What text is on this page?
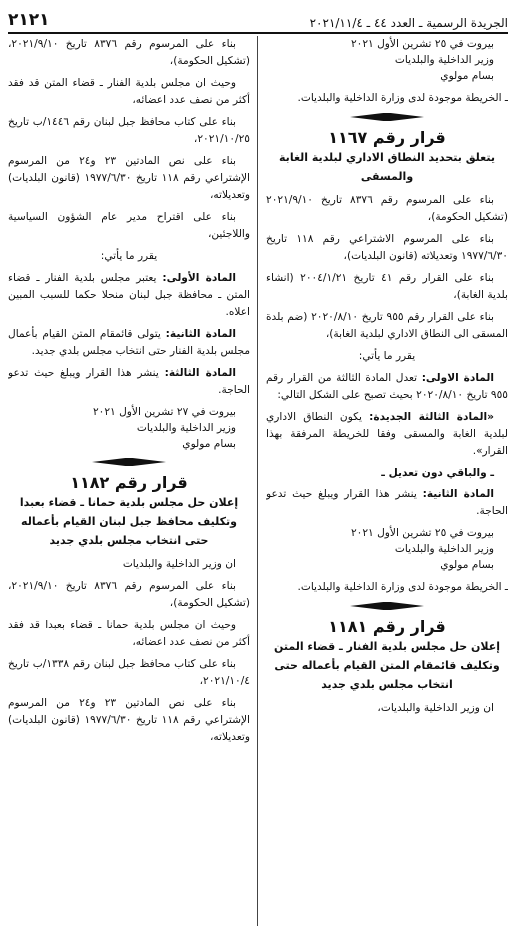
الجريدة الرسمية ـ العدد ٤٤ ـ ٢٠٢١/١١/٤
٢١٢١

بيروت في ٢٥ تشرين الأول ٢٠٢١

وزير الداخلية والبلديات

بسام مولوي

ـ الخريطة موجودة لدى وزارة الداخلية والبلديات.

قرار رقم ١١٦٧
يتعلق بتحديد النطاق الاداري لبلدية الغابة والمسقى

بناء على المرسوم رقم ٨٣٧٦ تاريخ ٢٠٢١/٩/١٠ (تشكيل الحكومة)،

بناء على المرسوم الاشتراعي رقم ١١٨ تاريخ ١٩٧٧/٦/٣٠ وتعديلاته (قانون البلديات)،

بناء على القرار رقم ٤١ تاريخ ٢٠٠٤/١/٢١ (انشاء بلدية الغابة)،

بناء على القرار رقم ٩٥٥ تاريخ ٢٠٢٠/٨/١٠ (ضم بلدة المسقى الى النطاق الاداري لبلدية الغابة)،

يقرر ما يأتي:

المادة الاولى: تعدل المادة الثالثة من القرار رقم ٩٥٥ تاريخ ٢٠٢٠/٨/١٠ بحيث تصبح على الشكل التالي:

«المادة الثالثة الجديدة: يكون النطاق الاداري لبلدية الغابة والمسقى وفقا للخريطة المرفقة بهذا القرار».

ـ والباقي دون تعديل ـ

المادة الثانية: ينشر هذا القرار ويبلغ حيث تدعو الحاجة.

بيروت في ٢٥ تشرين الأول ٢٠٢١

وزير الداخلية والبلديات

بسام مولوي

ـ الخريطة موجودة لدى وزارة الداخلية والبلديات.

قرار رقم ١١٨١
إعلان حل مجلس بلدية الفنار ـ قضاء المتن
وتكليف قائمقام المتن القيام بأعماله حتى انتخاب مجلس بلدي جديد

ان وزير الداخلية والبلديات،

بناء على المرسوم رقم ٨٣٧٦ تاريخ ٢٠٢١/٩/١٠، (تشكيل الحكومة)،

وحيث ان مجلس بلدية الفنار ـ قضاء المتن قد فقد أكثر من نصف عدد اعضائه،

بناء على كتاب محافظ جبل لبنان رقم ١٤٤٦/ب تاريخ ٢٠٢١/١٠/٢٥،

بناء على نص المادتين ٢٣ و٢٤ من المرسوم الإشتراعي رقم ١١٨ تاريخ ١٩٧٧/٦/٣٠ (قانون البلديات) وتعديلاته،

بناء على اقتراح مدير عام الشؤون السياسية واللاجئين،

يقرر ما يأتي:

المادة الأولى: يعتبر مجلس بلدية الفنار ـ قضاء المتن ـ محافظة جبل لبنان منحلا حكما للسبب المبين اعلاه.

المادة الثانية: يتولى قائمقام المتن القيام بأعمال مجلس بلدية الفنار حتى انتخاب مجلس بلدي جديد.

المادة الثالثة: ينشر هذا القرار ويبلغ حيث تدعو الحاجة.

بيروت في ٢٧ تشرين الأول ٢٠٢١

وزير الداخلية والبلديات

بسام مولوي

قرار رقم ١١٨٢
إعلان حل مجلس بلدية حمانا ـ قضاء بعبدا وتكليف محافظ جبل لبنان القيام بأعماله حتى انتخاب مجلس بلدي جديد

ان وزير الداخلية والبلديات

بناء على المرسوم رقم ٨٣٧٦ تاريخ ٢٠٢١/٩/١٠، (تشكيل الحكومة)،

وحيث ان مجلس بلدية حمانا ـ قضاء بعبدا قد فقد أكثر من نصف عدد اعضائه،

بناء على كتاب محافظ جبل لبنان رقم ١٣٣٨/ب تاريخ ٢٠٢١/١٠/٤،

بناء على نص المادتين ٢٣ و٢٤ من المرسوم الإشتراعي رقم ١١٨ تاريخ ١٩٧٧/٦/٣٠ (قانون البلديات) وتعديلاته،
